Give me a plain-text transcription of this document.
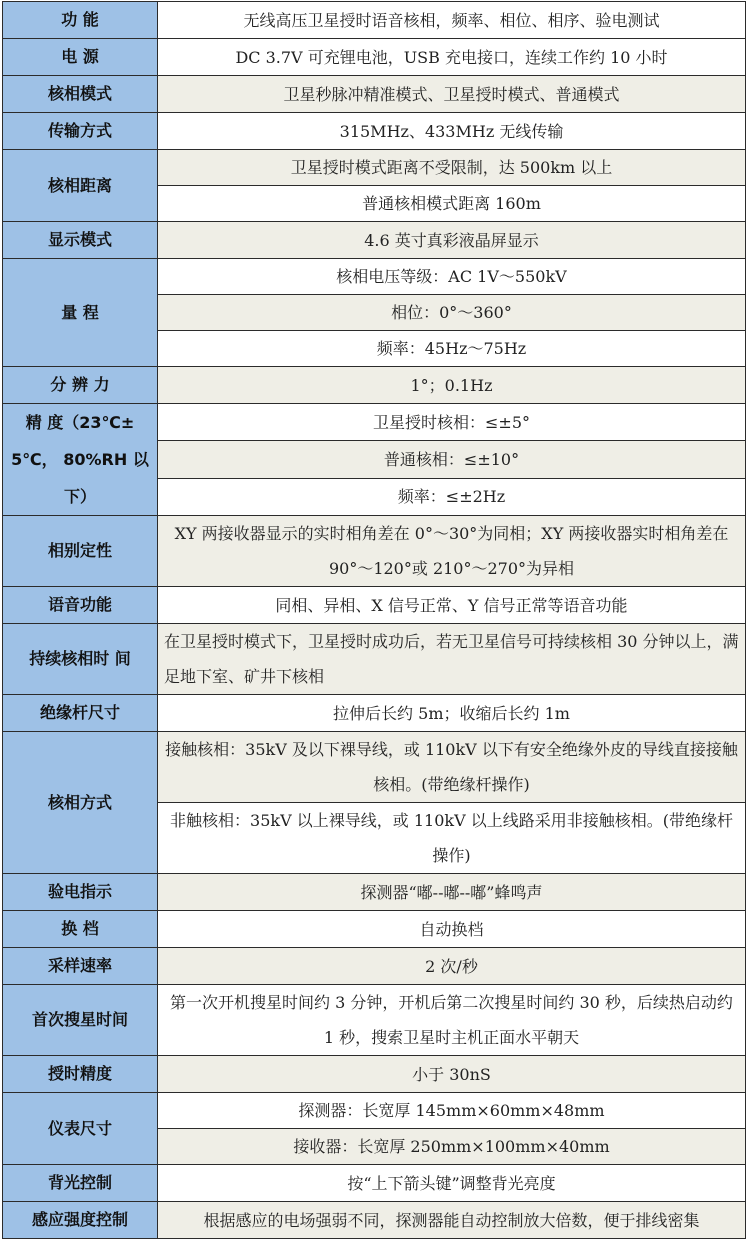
功 能	无线高压卫星授时语音核相，频率、相位、相序、验电测试
电 源	DC 3.7V 可充锂电池，USB 充电接口，连续工作约 10 小时
核相模式	卫星秒脉冲精准模式、卫星授时模式、普通模式
传输方式	315MHz、433MHz 无线传输
核相距离	卫星授时模式距离不受限制，达 500km 以上
	普通核相模式距离 160m
显示模式	4.6 英寸真彩液晶屏显示
量 程	核相电压等级：AC 1V～550kV
	相位：0°～360°
	频率：45Hz～75Hz
分 辨 力	1°；0.1Hz
精 度（23℃± 5℃， 80%RH 以下）	卫星授时核相：≤±5°
	普通核相：≤±10°
	频率：≤±2Hz
相别定性	XY 两接收器显示的实时相角差在 0°～30°为同相；XY 两接收器实时相角差在 90°～120°或 210°～270°为异相
语音功能	同相、异相、X 信号正常、Y 信号正常等语音功能
持续核相时 间	在卫星授时模式下，卫星授时成功后，若无卫星信号可持续核相 30 分钟以上，满足地下室、矿井下核相
绝缘杆尺寸	拉伸后长约 5m；收缩后长约 1m
核相方式	接触核相：35kV 及以下裸导线，或 110kV 以下有安全绝缘外皮的导线直接接触核相。(带绝缘杆操作)
	非触核相：35kV 以上裸导线，或 110kV 以上线路采用非接触核相。(带绝缘杆操作)
验电指示	探测器“嘟--嘟--嘟”蜂鸣声
换 档	自动换档
采样速率	2 次/秒
首次搜星时间	第一次开机搜星时间约 3 分钟，开机后第二次搜星时间约 30 秒，后续热启动约 1 秒，搜索卫星时主机正面水平朝天
授时精度	小于 30nS
仪表尺寸	探测器：长宽厚 145mm×60mm×48mm
	接收器：长宽厚 250mm×100mm×40mm
背光控制	按“上下箭头键”调整背光亮度
感应强度控制	根据感应的电场强弱不同，探测器能自动控制放大倍数，便于排线密集
